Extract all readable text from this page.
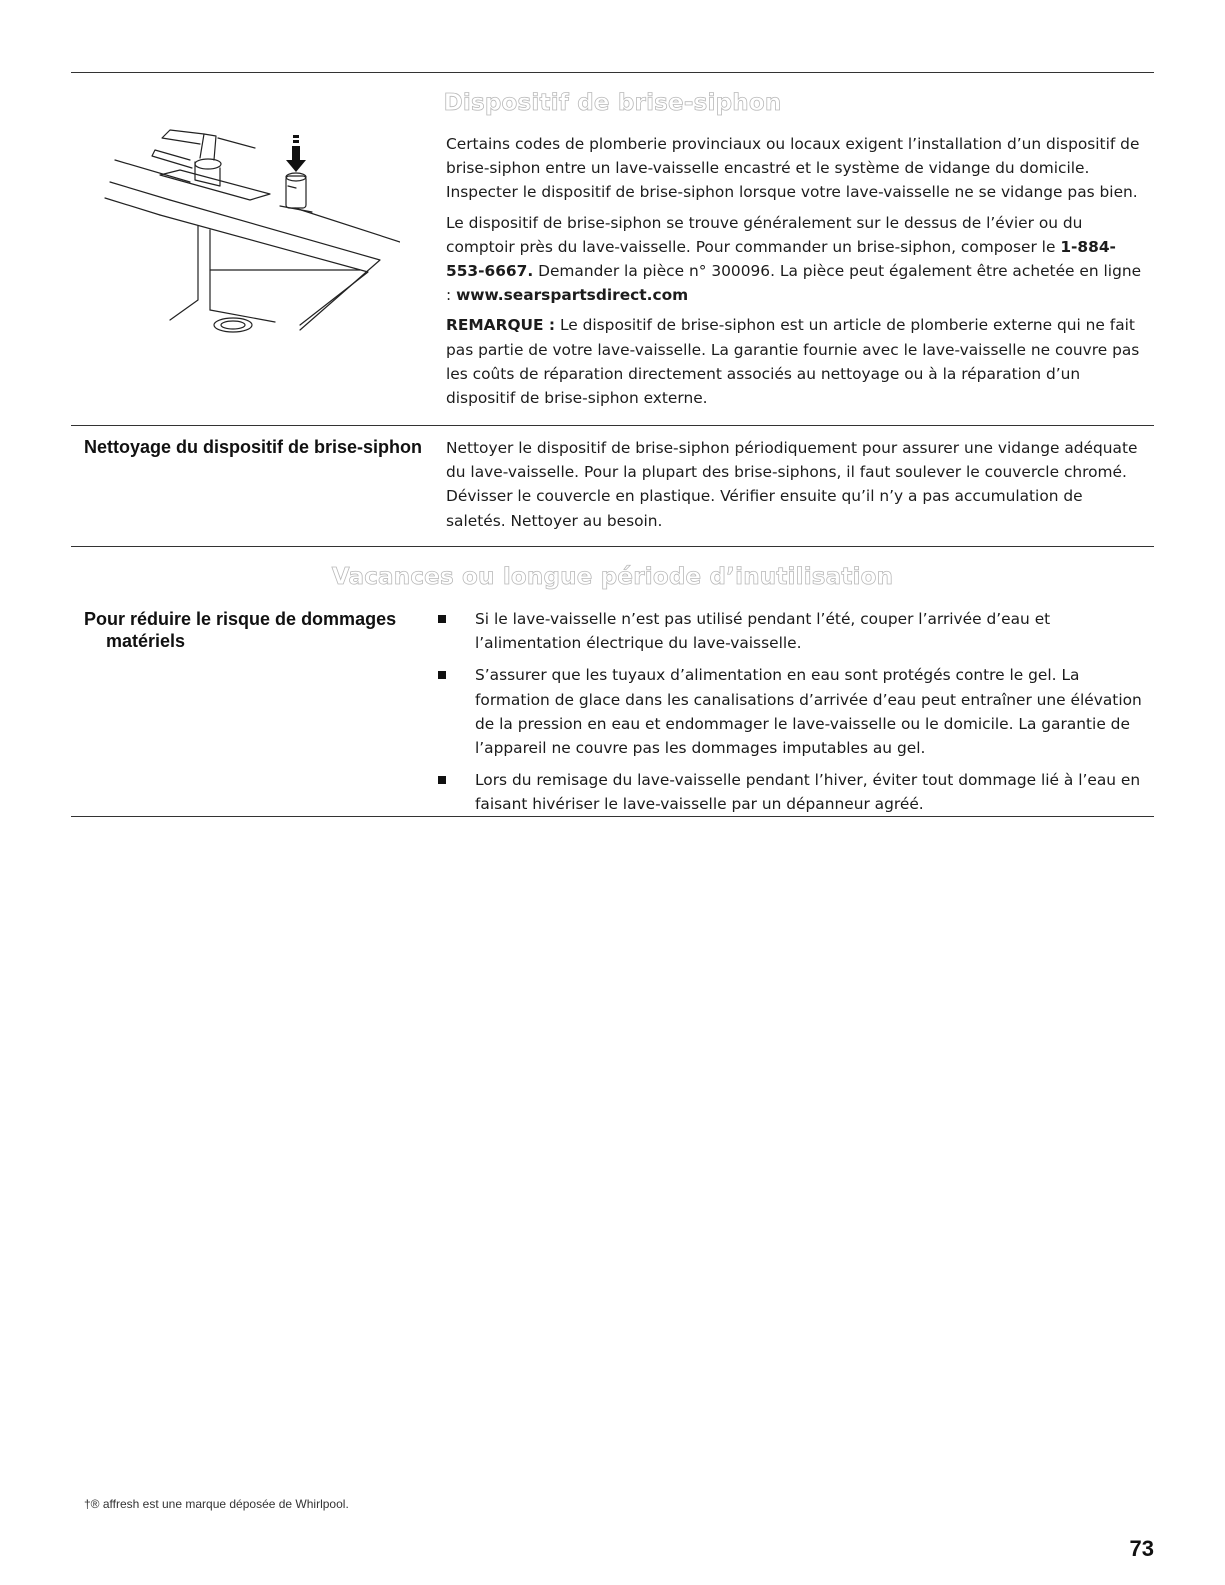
Dispositif de brise-siphon

Certains codes de plomberie provinciaux ou locaux exigent l’installation d’un dispositif de brise-siphon entre un lave-vaisselle encastré et le système de vidange du domicile. Inspecter le dispositif de brise-siphon lorsque votre lave-vaisselle ne se vidange pas bien.

Le dispositif de brise-siphon se trouve généralement sur le dessus de l’évier ou du comptoir près du lave-vaisselle. Pour commander un brise-siphon, composer le 1-884-553-6667. Demander la pièce n° 300096. La pièce peut également être achetée en ligne : www.searspartsdirect.com

REMARQUE : Le dispositif de brise-siphon est un article de plomberie externe qui ne fait pas partie de votre lave-vaisselle. La garantie fournie avec le lave-vaisselle ne couvre pas les coûts de réparation directement associés au nettoyage ou à la réparation d’un dispositif de brise-siphon externe.

Nettoyage du dispositif de brise-siphon Nettoyer le dispositif de brise-siphon périodiquement pour assurer une vidange adéquate du lave-vaisselle. Pour la plupart des brise-siphons, il faut soulever le couvercle chromé. Dévisser le couvercle en plastique. Vérifier ensuite qu’il n’y a pas accumulation de saletés. Nettoyer au besoin.

Vacances ou longue période d’inutilisation
Pour réduire le risque de dommages matériels
Si le lave-vaisselle n’est pas utilisé pendant l’été, couper l’arrivée d’eau et l’alimentation électrique du lave-vaisselle.
S’assurer que les tuyaux d’alimentation en eau sont protégés contre le gel. La formation de glace dans les canalisations d’arrivée d’eau peut entraîner une élévation de la pression en eau et endommager le lave-vaisselle ou le domicile. La garantie de l’appareil ne couvre pas les dommages imputables au gel.
Lors du remisage du lave-vaisselle pendant l’hiver, éviter tout dommage lié à l’eau en faisant hivériser le lave-vaisselle par un dépanneur agréé.
†® affresh est une marque déposée de Whirlpool.
73
